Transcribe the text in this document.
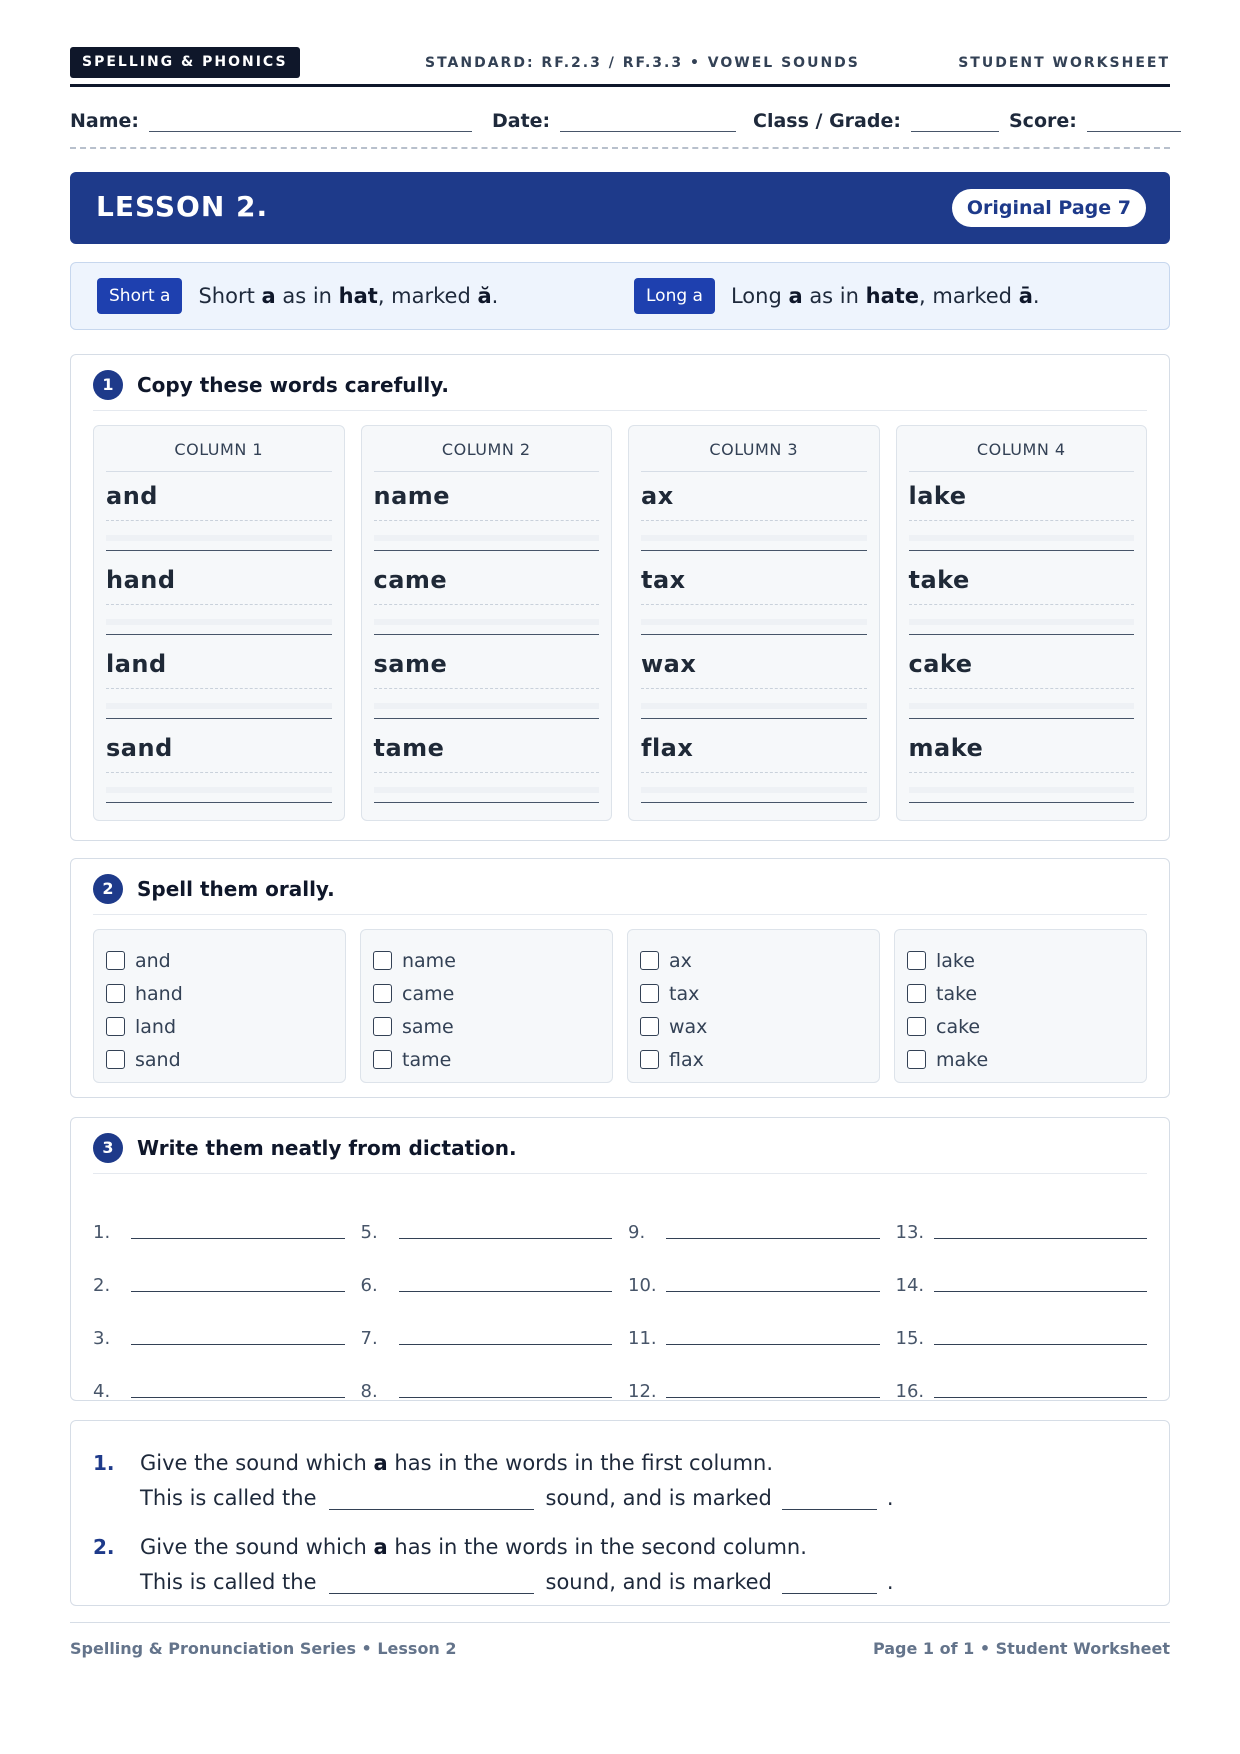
SPELLING & PHONICS	STANDARD: RF.2.3 / RF.3.3 • VOWEL SOUNDS	STUDENT WORKSHEET
Name:	Date:	Class / Grade:	Score:
LESSON 2.	Original Page 7
Short a	Short a as in hat, marked ă.	Long a	Long a as in hate, marked ā.
1	Copy these words carefully.
COLUMN 1
and
hand
land
sand
COLUMN 2
name
came
same
tame
COLUMN 3
ax
tax
wax
flax
COLUMN 4
lake
take
cake
make
2	Spell them orally.
and
hand
land
sand
name
came
same
tame
ax
tax
wax
flax
lake
take
cake
make
3	Write them neatly from dictation.
1.
2.
3.
4.
5.
6.
7.
8.
9.
10.
11.
12.
13.
14.
15.
16.
1. Give the sound which a has in the words in the first column.
This is called the	sound, and is marked	.
2. Give the sound which a has in the words in the second column.
This is called the	sound, and is marked	.
Spelling & Pronunciation Series • Lesson 2	Page 1 of 1 • Student Worksheet
